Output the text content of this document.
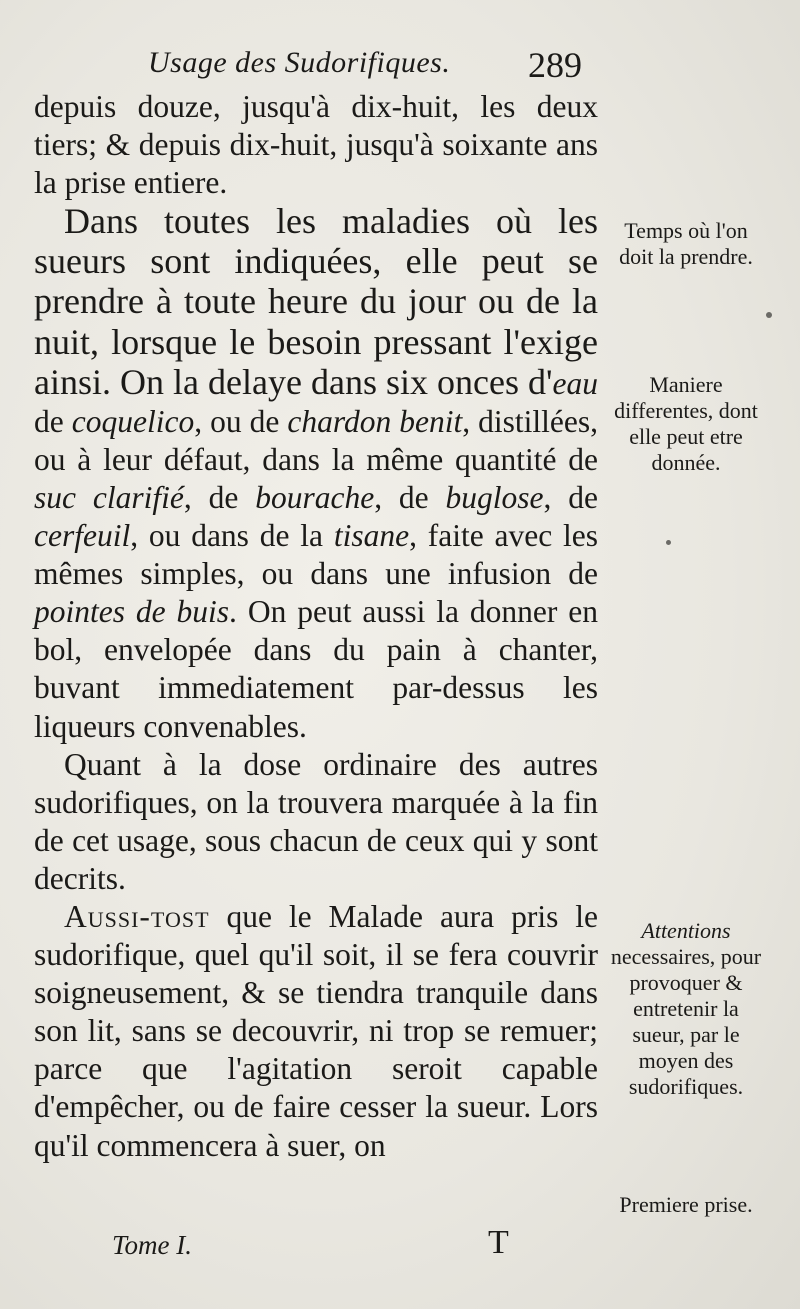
Usage des Sudorifiques. 289

depuis douze, jusqu'à dix-huit, les deux tiers; & depuis dix-huit, jusqu'à soixante ans la prise entiere.

Dans toutes les maladies où les sueurs sont indiquées, elle peut se prendre à toute heure du jour ou de la nuit, lorsque le besoin pressant l'exige ainsi. On la delaye dans six onces d'eau de coquelico, ou de chardon benit, distillées, ou à leur défaut, dans la même quantité de suc clarifié, de bourache, de buglose, de cerfeuil, ou dans de la tisane, faite avec les mêmes simples, ou dans une infusion de pointes de buis. On peut aussi la donner en bol, envelopée dans du pain à chanter, buvant immediatement par-dessus les liqueurs convenables.

Quant à la dose ordinaire des autres sudorifiques, on la trouvera marquée à la fin de cet usage, sous chacun de ceux qui y sont decrits.

Aussi-tost que le Malade aura pris le sudorifique, quel qu'il soit, il se fera couvrir soigneusement, & se tiendra tranquile dans son lit, sans se decouvrir, ni trop se remuer; parce que l'agitation seroit capable d'empêcher, ou de faire cesser la sueur. Lors qu'il commencera à suer, on

Temps où l'on doit la prendre.
Maniere differentes, dont elle peut etre donnée.
Attentions
necessaires, pour provoquer & entretenir la sueur, par le moyen des sudorifiques.
Premiere prise.
Tome I.	T
